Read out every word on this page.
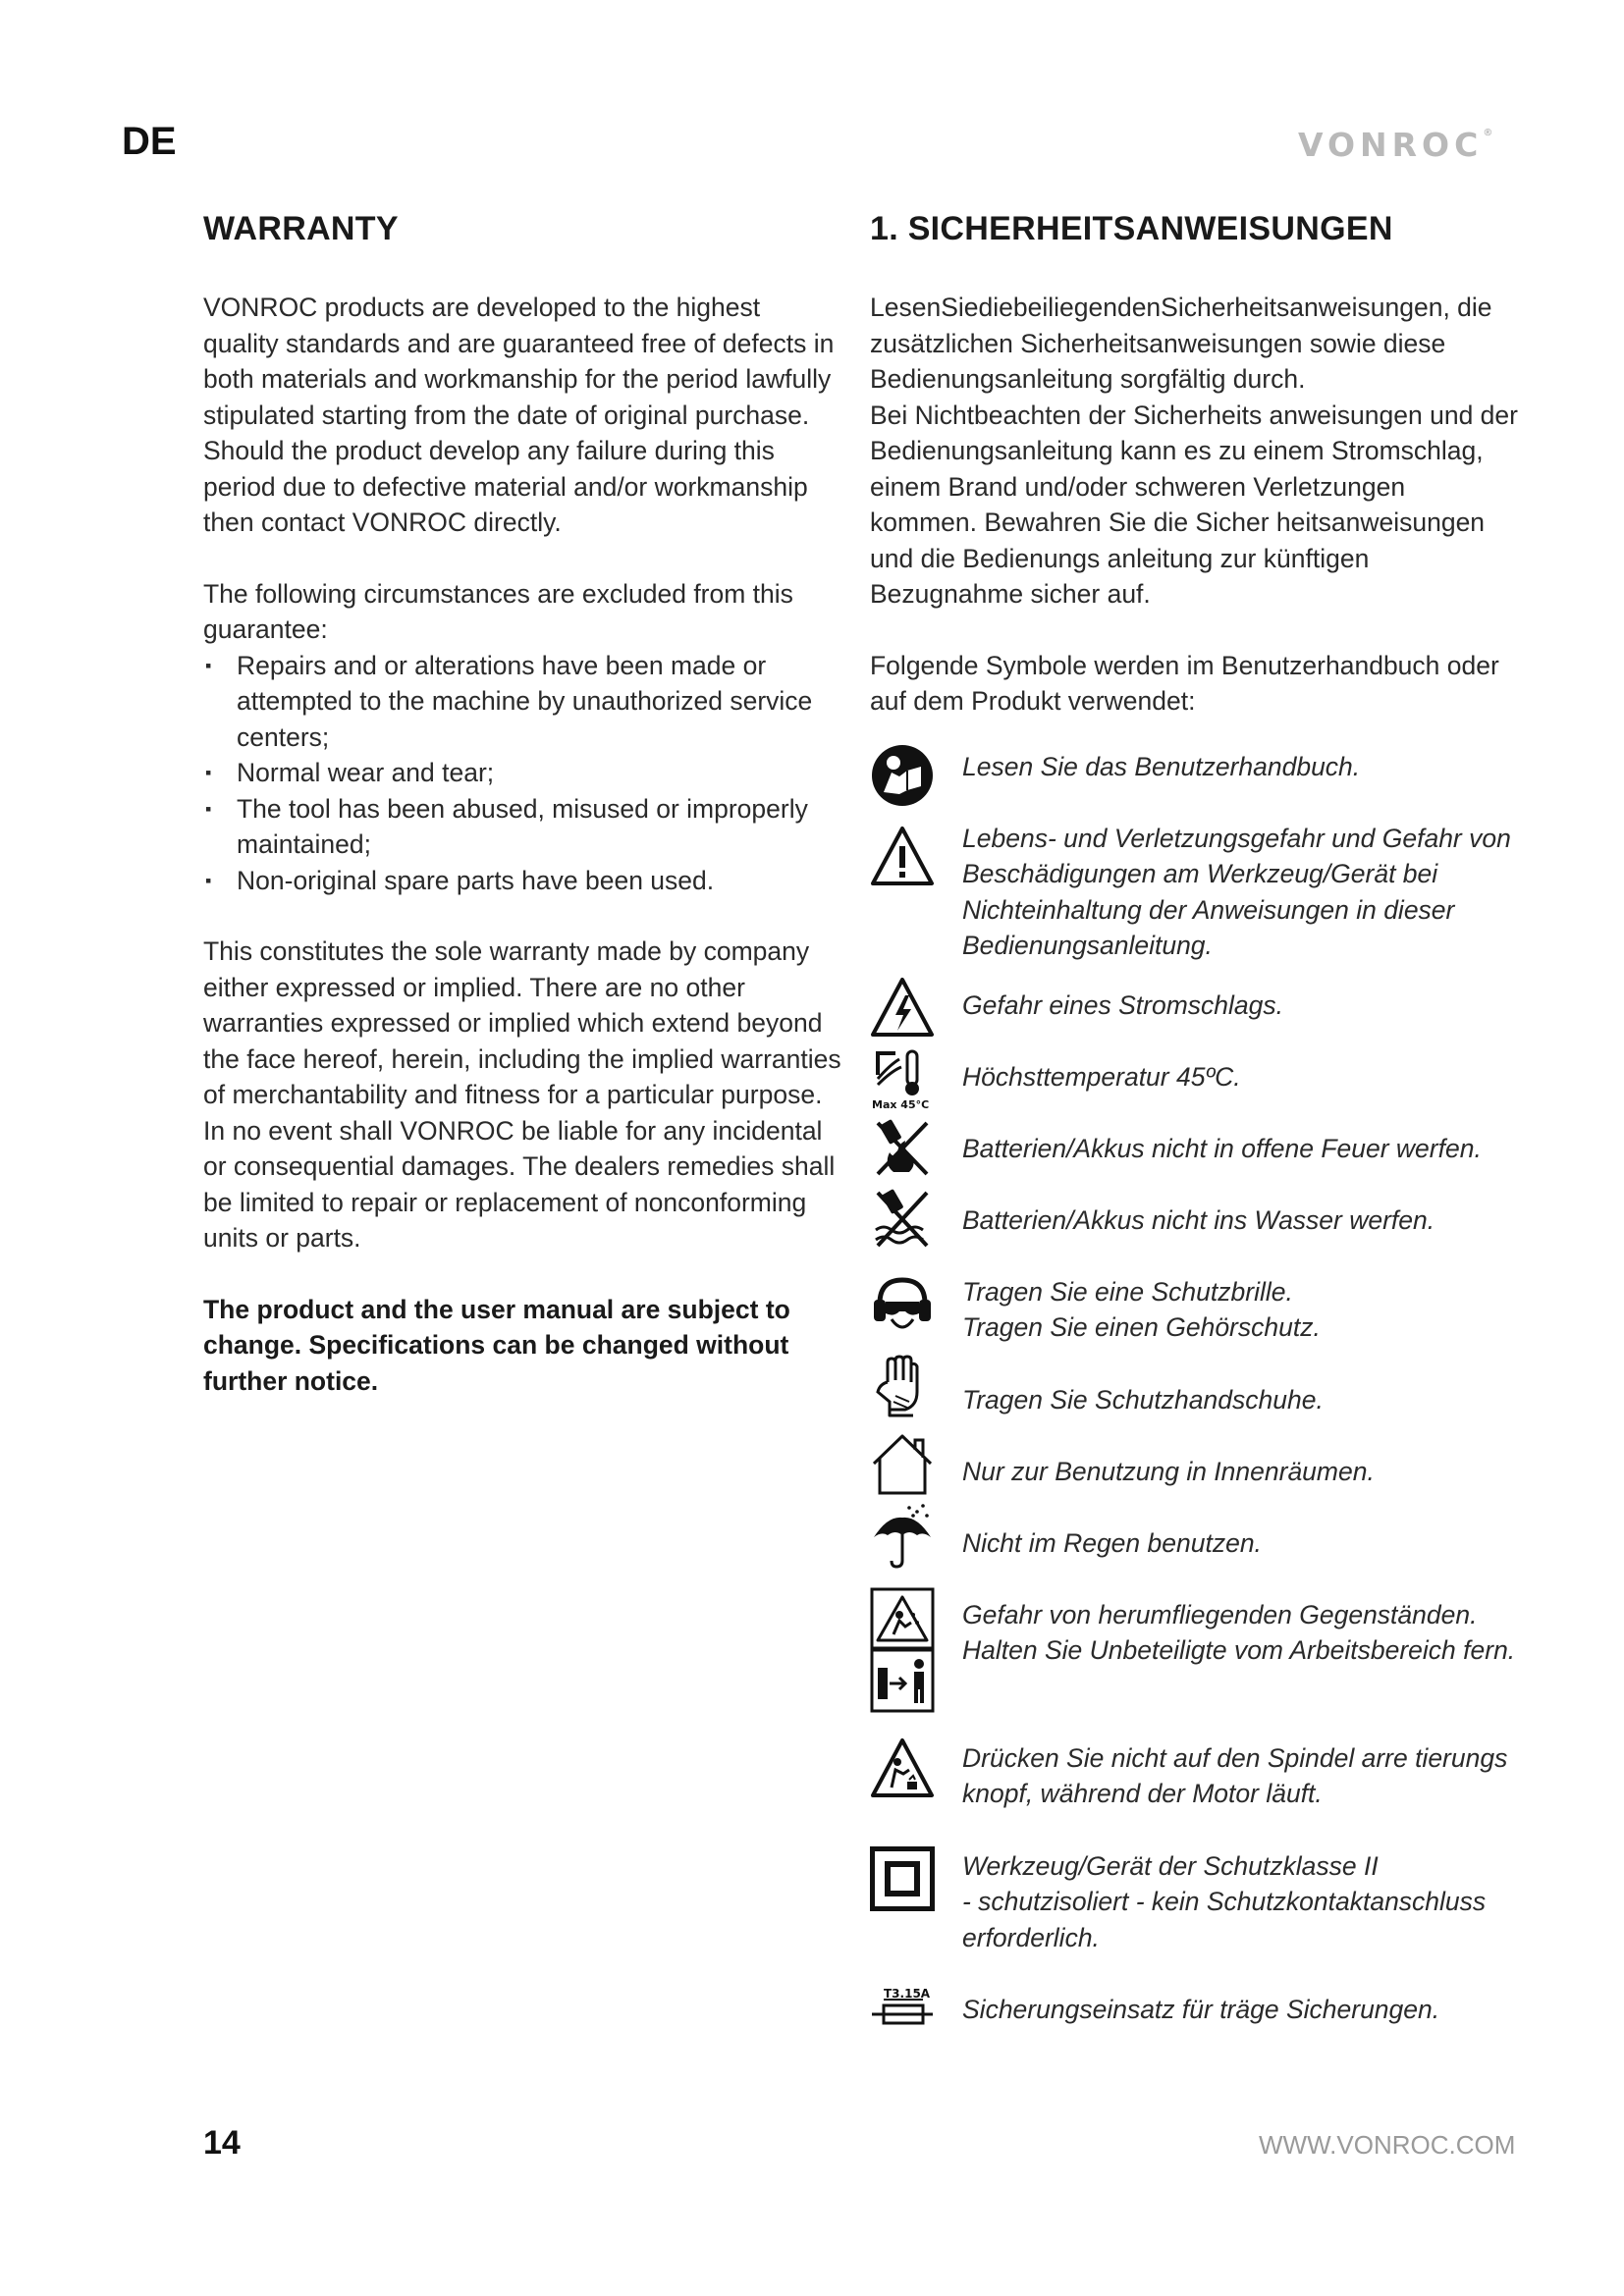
DE	VONROC®
WARRANTY

VONROC products are developed to the highest quality standards and are guaranteed free of defects in both materials and workmanship for the period lawfully stipulated starting from the date of original purchase. Should the product develop any failure during this period due to defective material and/or workmanship then contact VONROC directly.

The following circumstances are excluded from this guarantee:

▪ Repairs and or alterations have been made or attempted to the machine by unauthorized service centers;
▪ Normal wear and tear;
▪ The tool has been abused, misused or improperly maintained;
▪ Non-original spare parts have been used.

This constitutes the sole warranty made by company either expressed or implied. There are no other warranties expressed or implied which extend beyond the face hereof, herein, including the implied warranties of merchantability and fitness for a particular purpose. In no event shall VONROC be liable for any incidental or consequential damages. The dealers remedies shall be limited to repair or replacement of nonconforming units or parts.

The product and the user manual are subject to change. Specifications can be changed without further notice.

1. SICHERHEITSANWEISUNGEN

LesenSiediebeiliegendenSicherheitsanweisungen, die zusätzlichen Sicherheitsanweisungen sowie diese Bedienungsanleitung sorgfältig durch.

Bei Nichtbeachten der Sicherheits anweisungen und der Bedienungsanleitung kann es zu einem Stromschlag, einem Brand und/oder schweren Verletzungen kommen. Bewahren Sie die Sicher heitsanweisungen und die Bedienungs anleitung zur künftigen Bezugnahme sicher auf.

Folgende Symbole werden im Benutzerhandbuch oder auf dem Produkt verwendet:

Lesen Sie das Benutzerhandbuch.
Lebens- und Verletzungsgefahr und Gefahr von Beschädigungen am Werkzeug/Gerät bei Nichteinhaltung der Anweisungen in dieser Bedienungsanleitung.
Gefahr eines Stromschlags.
Max 45°C
Höchsttemperatur 45ºC.
Batterien/Akkus nicht in offene Feuer werfen.
Batterien/Akkus nicht ins Wasser werfen.
Tragen Sie eine Schutzbrille.
Tragen Sie einen Gehörschutz.
Tragen Sie Schutzhandschuhe.
Nur zur Benutzung in Innenräumen.
Nicht im Regen benutzen.
Gefahr von herumfliegenden Gegenständen. Halten Sie Unbeteiligte vom Arbeitsbereich fern.
Drücken Sie nicht auf den Spindel arre tierungs knopf, während der Motor läuft.
Werkzeug/Gerät der Schutzklasse II
- schutzisoliert - kein Schutzkontaktanschluss erforderlich.
T3.15A
Sicherungseinsatz für träge Sicherungen.
14	WWW.VONROC.COM
